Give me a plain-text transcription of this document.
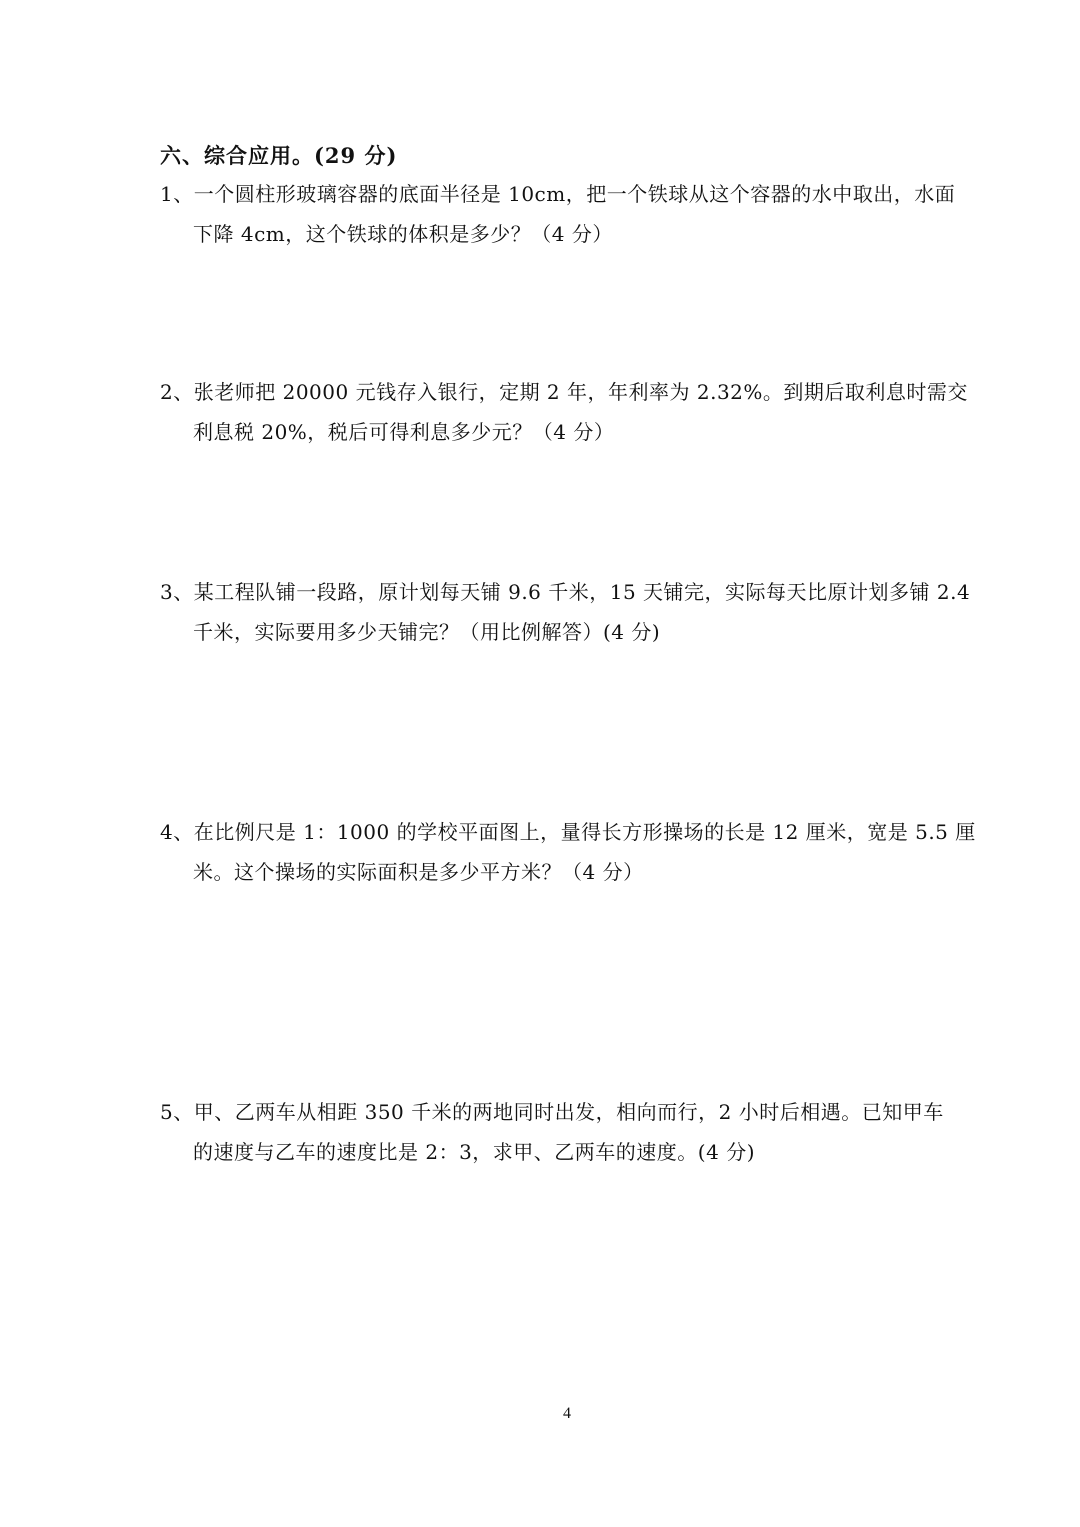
六、综合应用。(29 分)
1、一个圆柱形玻璃容器的底面半径是 10cm，把一个铁球从这个容器的水中取出，水面
下降 4cm，这个铁球的体积是多少？（4 分）
2、张老师把 20000 元钱存入银行，定期 2 年，年利率为 2.32%。到期后取利息时需交
利息税 20%，税后可得利息多少元？（4 分）
3、某工程队铺一段路，原计划每天铺 9.6 千米，15 天铺完，实际每天比原计划多铺 2.4
千米，实际要用多少天铺完？（用比例解答）(4 分)
4、在比例尺是 1：1000 的学校平面图上，量得长方形操场的长是 12 厘米，宽是 5.5 厘
米。这个操场的实际面积是多少平方米？（4 分）
5、甲、乙两车从相距 350 千米的两地同时出发，相向而行，2 小时后相遇。已知甲车
的速度与乙车的速度比是 2：3，求甲、乙两车的速度。(4 分)
4
